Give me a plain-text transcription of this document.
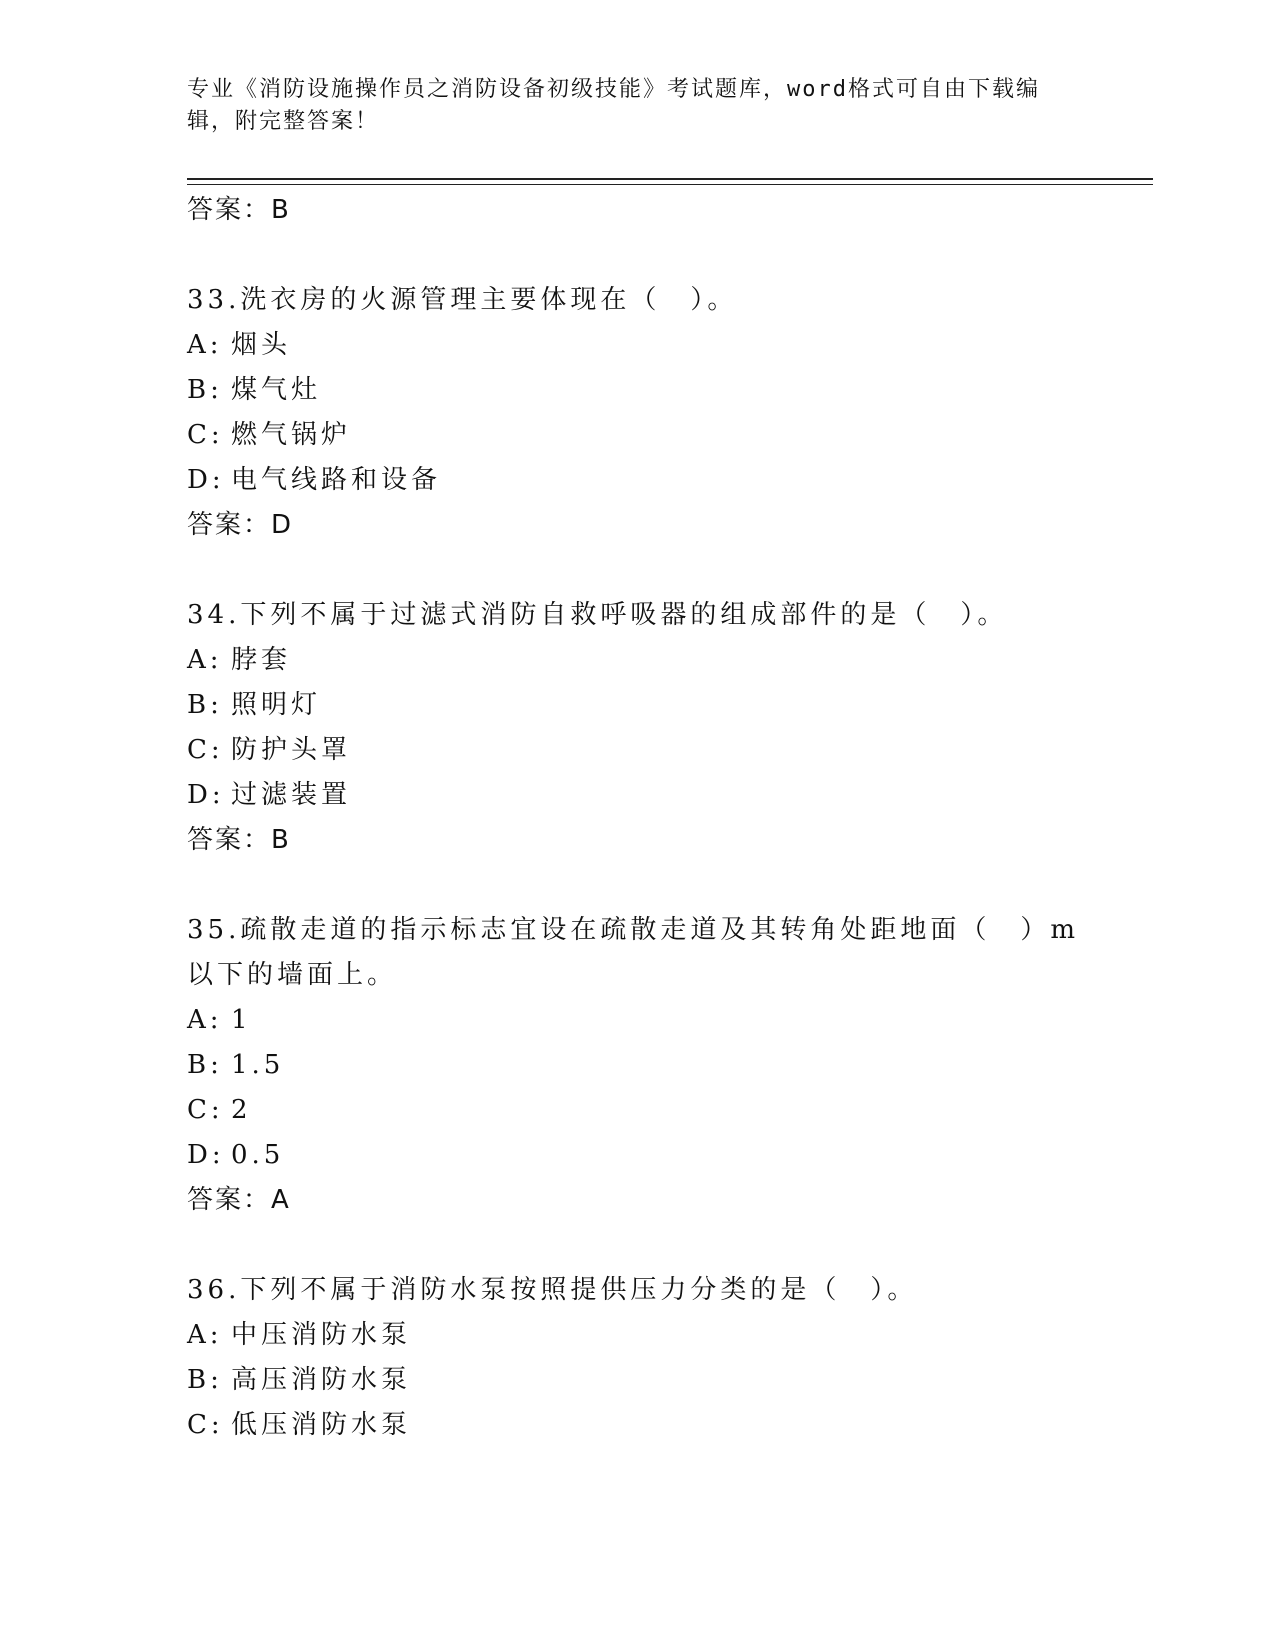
专业《消防设施操作员之消防设备初级技能》考试题库，word格式可自由下载编辑，附完整答案！
答案：B
33.洗衣房的火源管理主要体现在（　）。
A: 烟头
B: 煤气灶
C: 燃气锅炉
D: 电气线路和设备
答案：D
34.下列不属于过滤式消防自救呼吸器的组成部件的是（　）。
A: 脖套
B: 照明灯
C: 防护头罩
D: 过滤装置
答案：B
35.疏散走道的指示标志宜设在疏散走道及其转角处距地面（　）m以下的墙面上。
A: 1
B: 1.5
C: 2
D: 0.5
答案：A
36.下列不属于消防水泵按照提供压力分类的是（　）。
A: 中压消防水泵
B: 高压消防水泵
C: 低压消防水泵
